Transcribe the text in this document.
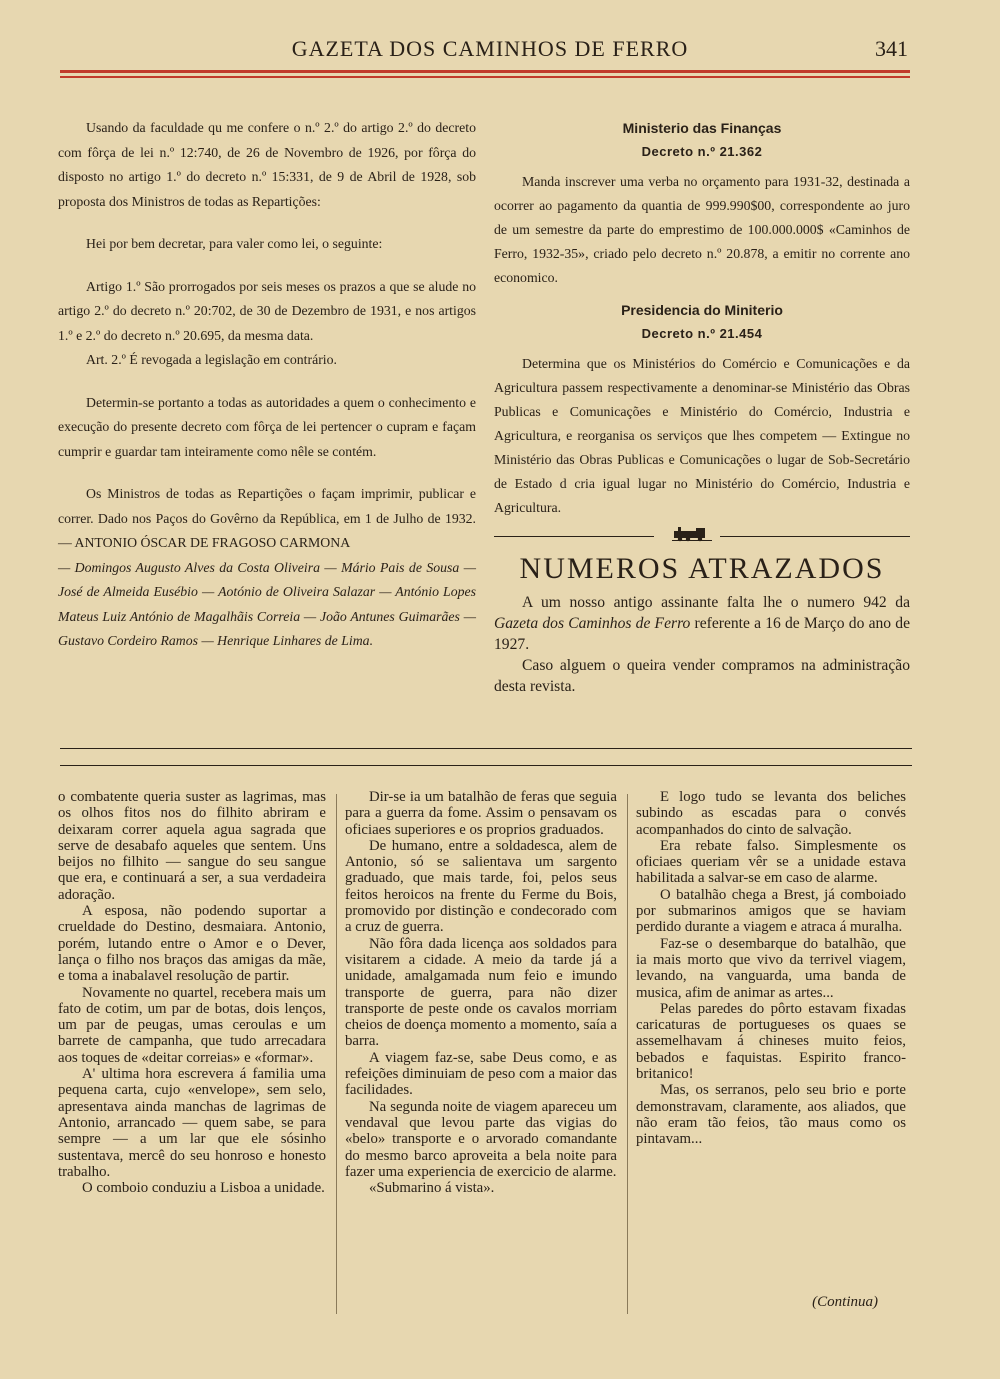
GAZETA DOS CAMINHOS DE FERRO	341

Usando da faculdade qu me confere o n.º 2.º do artigo 2.º do decreto com fôrça de lei n.º 12:740, de 26 de Novembro de 1926, por fôrça do disposto no artigo 1.º do decreto n.º 15:331, de 9 de Abril de 1928, sob proposta dos Ministros de todas as Repartições:

Hei por bem decretar, para valer como lei, o seguinte:

Artigo 1.º São prorrogados por seis meses os prazos a que se alude no artigo 2.º do decreto n.º 20:702, de 30 de Dezembro de 1931, e nos artigos 1.º e 2.º do decreto n.º 20.695, da mesma data.

Art. 2.º É revogada a legislação em contrário.

Determin-se portanto a todas as autoridades a quem o conhecimento e execução do presente decreto com fôrça de lei pertencer o cupram e façam cumprir e guardar tam inteiramente como nêle se contém.

Os Ministros de todas as Repartições o façam imprimir, publicar e correr. Dado nos Paços do Govêrno da República, em 1 de Julho de 1932. — ANTONIO ÓSCAR DE FRAGOSO CARMONA

— Domingos Augusto Alves da Costa Oliveira — Mário Pais de Sousa — José de Almeida Eusébio — Aotónio de Oliveira Salazar — António Lopes Mateus Luiz António de Magalhãis Correia — João Antunes Guimarães — Gustavo Cordeiro Ramos — Henrique Linhares de Lima.

Ministerio das Finanças

Decreto n.º 21.362

Manda inscrever uma verba no orçamento para 1931-32, destinada a ocorrer ao pagamento da quantia de 999.990$00, correspondente ao juro de um semestre da parte do emprestimo de 100.000.000$ «Caminhos de Ferro, 1932-35», criado pelo decreto n.º 20.878, a emitir no corrente ano economico.

Presidencia do Miniterio

Decreto n.º 21.454

Determina que os Ministérios do Comércio e Comunicações e da Agricultura passem respectivamente a denominar-se Ministério das Obras Publicas e Comunicações e Ministério do Comércio, Industria e Agricultura, e reorganisa os serviços que lhes competem — Extingue no Ministério das Obras Publicas e Comunicações o lugar de Sob-Secretário de Estado d cria igual lugar no Ministério do Comércio, Industria e Agricultura.

NUMEROS ATRAZADOS

A um nosso antigo assinante falta lhe o numero 942 da Gazeta dos Caminhos de Ferro referente a 16 de Março do ano de 1927.

Caso alguem o queira vender compramos na administração desta revista.

o combatente queria suster as lagrimas, mas os olhos fitos nos do filhito abriram e deixaram correr aquela agua sagrada que serve de desabafo aqueles que sentem. Uns beijos no filhito — sangue do seu sangue que era, e continuará a ser, a sua verdadeira adoração.

A esposa, não podendo suportar a crueldade do Destino, desmaiara. Antonio, porém, lutando entre o Amor e o Dever, lança o filho nos braços das amigas da mãe, e toma a inabalavel resolução de partir.

Novamente no quartel, recebera mais um fato de cotim, um par de botas, dois lenços, um par de peugas, umas ceroulas e um barrete de campanha, que tudo arrecadara aos toques de «deitar correias» e «formar».

A' ultima hora escrevera á familia uma pequena carta, cujo «envelope», sem selo, apresentava ainda manchas de lagrimas de Antonio, arrancado — quem sabe, se para sempre — a um lar que ele sósinho sustentava, mercê do seu honroso e honesto trabalho.

O comboio conduziu a Lisboa a unidade.

Dir-se ia um batalhão de feras que seguia para a guerra da fome. Assim o pensavam os oficiaes superiores e os proprios graduados.

De humano, entre a soldadesca, alem de Antonio, só se salientava um sargento graduado, que mais tarde, foi, pelos seus feitos heroicos na frente du Ferme du Bois, promovido por distinção e condecorado com a cruz de guerra.

Não fôra dada licença aos soldados para visitarem a cidade. A meio da tarde já a unidade, amalgamada num feio e imundo transporte de guerra, para não dizer transporte de peste onde os cavalos morriam cheios de doença momento a momento, saía a barra.

A viagem faz-se, sabe Deus como, e as refeições diminuiam de peso com a maior das facilidades.

Na segunda noite de viagem apareceu um vendaval que levou parte das vigias do «belo» transporte e o arvorado comandante do mesmo barco aproveita a bela noite para fazer uma experiencia de exercicio de alarme.

«Submarino á vista».

E logo tudo se levanta dos beliches subindo as escadas para o convés acompanhados do cinto de salvação.

Era rebate falso. Simplesmente os oficiaes queriam vêr se a unidade estava habilitada a salvar-se em caso de alarme.

O batalhão chega a Brest, já comboiado por submarinos amigos que se haviam perdido durante a viagem e atraca á muralha.

Faz-se o desembarque do batalhão, que ia mais morto que vivo da terrivel viagem, levando, na vanguarda, uma banda de musica, afim de animar as artes...

Pelas paredes do pôrto estavam fixadas caricaturas de portugueses os quaes se assemelhavam á chineses muito feios, bebados e faquistas. Espirito franco-britanico!

Mas, os serranos, pelo seu brio e porte demonstravam, claramente, aos aliados, que não eram tão feios, tão maus como os pintavam...

(Continua)
